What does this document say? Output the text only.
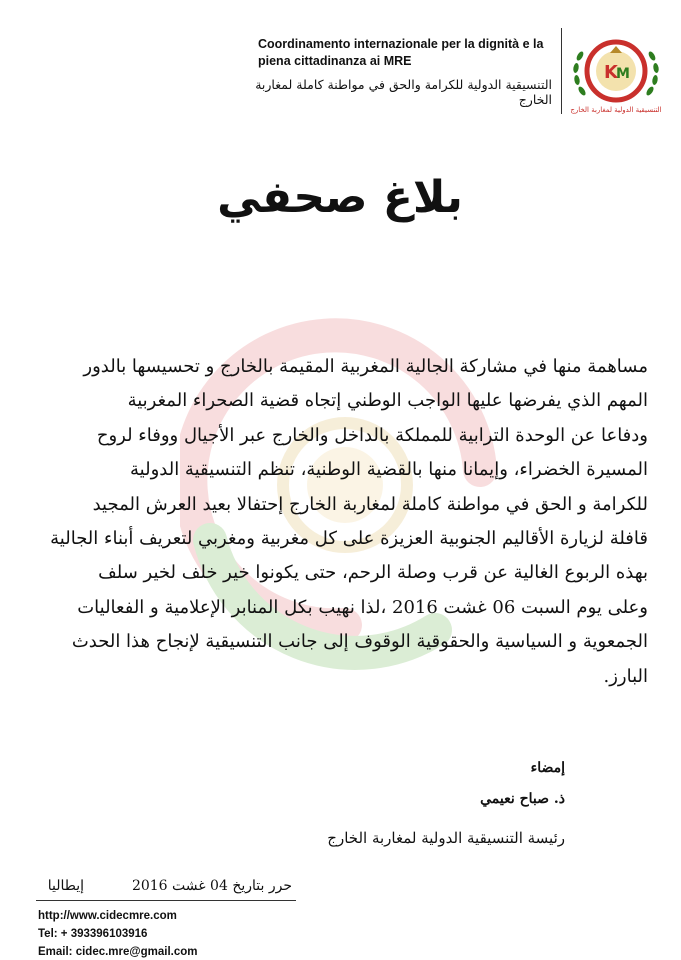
Coordinamento internazionale per la dignità e la
piena cittadinanza ai MRE
التنسيقية الدولية للكرامة والحق في مواطنة كاملة لمغاربة الخارج
K
M
التنسيقية الدولية لمغاربة الخارج
بلاغ صحفي
مساهمة منها في مشاركة الجالية المغربية المقيمة بالخارج و تحسيسها بالدور
المهم الذي يفرضها عليها الواجب الوطني إتجاه قضية الصحراء المغربية
ودفاعا عن الوحدة الترابية للمملكة بالداخل والخارج عبر الأجيال ووفاء لروح
المسيرة الخضراء، وإيمانا منها بالقضية الوطنية، تنظم التنسيقية الدولية
للكرامة و الحق في مواطنة كاملة لمغاربة الخارج إحتفالا بعيد العرش المجيد
قافلة لزيارة الأقاليم الجنوبية العزيزة على كل مغربية ومغربي لتعريف أبناء الجالية
بهذه الربوع الغالية عن قرب وصلة الرحم، حتى يكونوا خير خلف لخير سلف
وعلى يوم السبت 06 غشت 2016 ،لذا نهيب بكل المنابر الإعلامية و الفعاليات
الجمعوية و السياسية والحقوقية الوقوف إلى جانب التنسيقية لإنجاح هذا الحدث
البارز.
إمضاء
ذ. صباح نعيمي
رئيسة التنسيقية الدولية لمغاربة الخارج
حرر بتاريخ 04 غشت 2016
إيطاليا
http://www.cidecmre.com
Tel: + 393396103916
Email: cidec.mre@gmail.com
